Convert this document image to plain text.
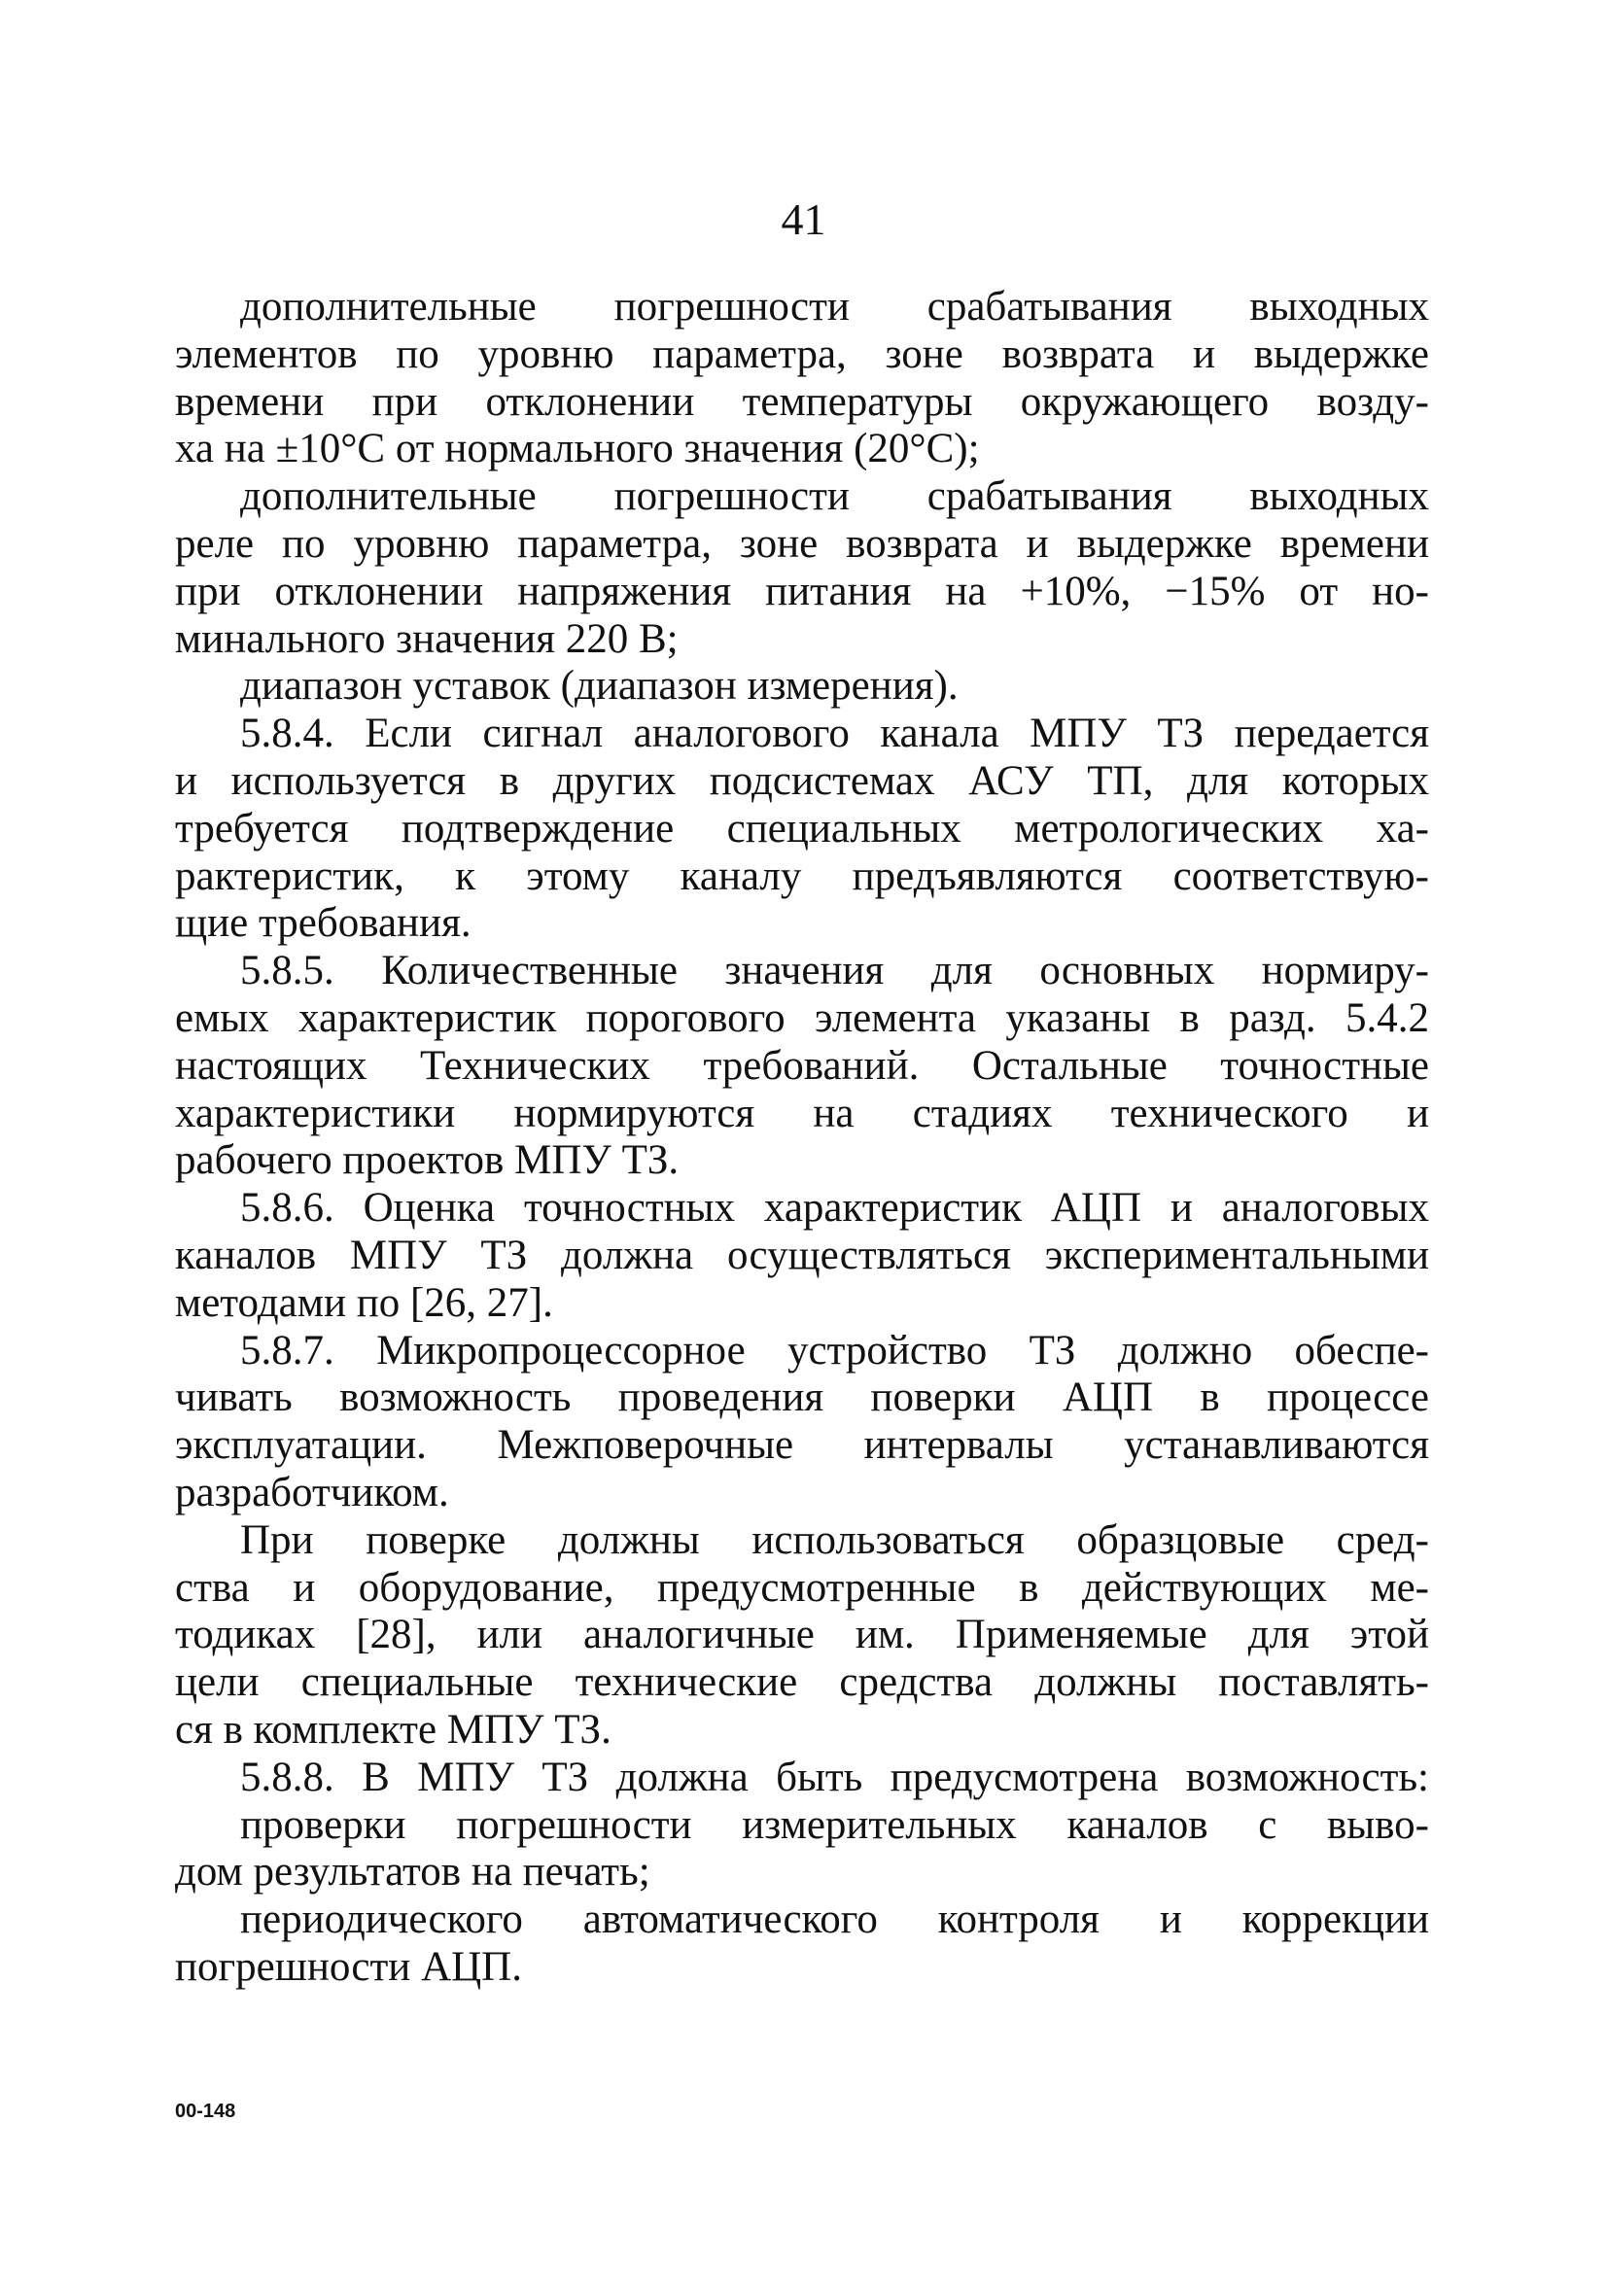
41
дополнительные погрешности срабатывания выходных
элементов по уровню параметра, зоне возврата и выдержке
времени при отклонении температуры окружающего возду-
ха на ±10°С от нормального значения (20°С);
дополнительные погрешности срабатывания выходных
реле по уровню параметра, зоне возврата и выдержке времени
при отклонении напряжения питания на +10%, −15% от но-
минального значения 220 В;
диапазон уставок (диапазон измерения).
5.8.4. Если сигнал аналогового канала МПУ ТЗ передается
и используется в других подсистемах АСУ ТП, для которых
требуется подтверждение специальных метрологических ха-
рактеристик, к этому каналу предъявляются соответствую-
щие требования.
5.8.5. Количественные значения для основных нормиру-
емых характеристик порогового элемента указаны в разд. 5.4.2
настоящих Технических требований. Остальные точностные
характеристики нормируются на стадиях технического и
рабочего проектов МПУ ТЗ.
5.8.6. Оценка точностных характеристик АЦП и аналоговых
каналов МПУ ТЗ должна осуществляться экспериментальными
методами по [26, 27].
5.8.7. Микропроцессорное устройство ТЗ должно обеспе-
чивать возможность проведения поверки АЦП в процессе
эксплуатации. Межповерочные интервалы устанавливаются
разработчиком.
При поверке должны использоваться образцовые сред-
ства и оборудование, предусмотренные в действующих ме-
тодиках [28], или аналогичные им. Применяемые для этой
цели специальные технические средства должны поставлять-
ся в комплекте МПУ ТЗ.
5.8.8. В МПУ ТЗ должна быть предусмотрена возможность:
проверки погрешности измерительных каналов с выво-
дом результатов на печать;
периодического автоматического контроля и коррекции
погрешности АЦП.
00-148
